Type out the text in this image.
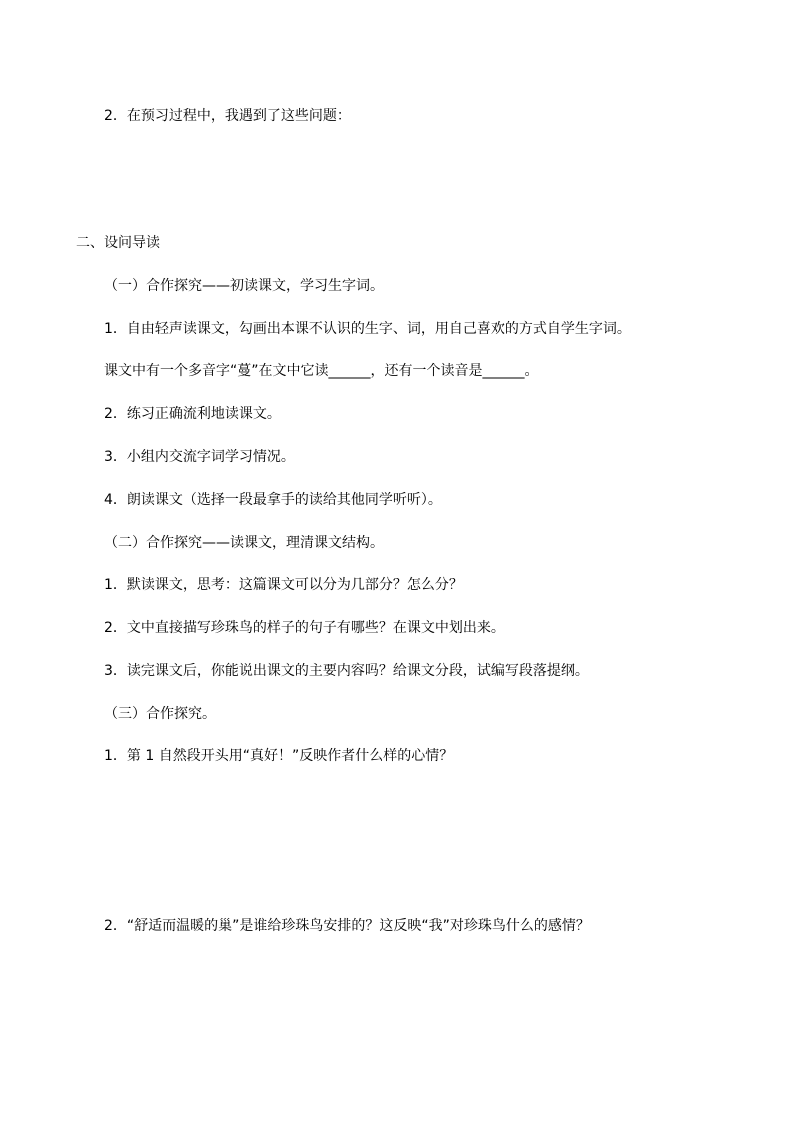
2．在预习过程中，我遇到了这些问题：
二、设问导读
（一）合作探究——初读课文，学习生字词。
1．自由轻声读课文，勾画出本课不认识的生字、词，用自己喜欢的方式自学生字词。
课文中有一个多音字“蔓”在文中它读______，还有一个读音是______。
2．练习正确流利地读课文。
3．小组内交流字词学习情况。
4．朗读课文（选择一段最拿手的读给其他同学听听）。
（二）合作探究——读课文，理清课文结构。
1．默读课文，思考：这篇课文可以分为几部分？怎么分？
2．文中直接描写珍珠鸟的样子的句子有哪些？在课文中划出来。
3．读完课文后，你能说出课文的主要内容吗？给课文分段，试编写段落提纲。
（三）合作探究。
1．第 1 自然段开头用“真好！”反映作者什么样的心情？
2．“舒适而温暖的巢”是谁给珍珠鸟安排的？这反映“我”对珍珠鸟什么的感情？
